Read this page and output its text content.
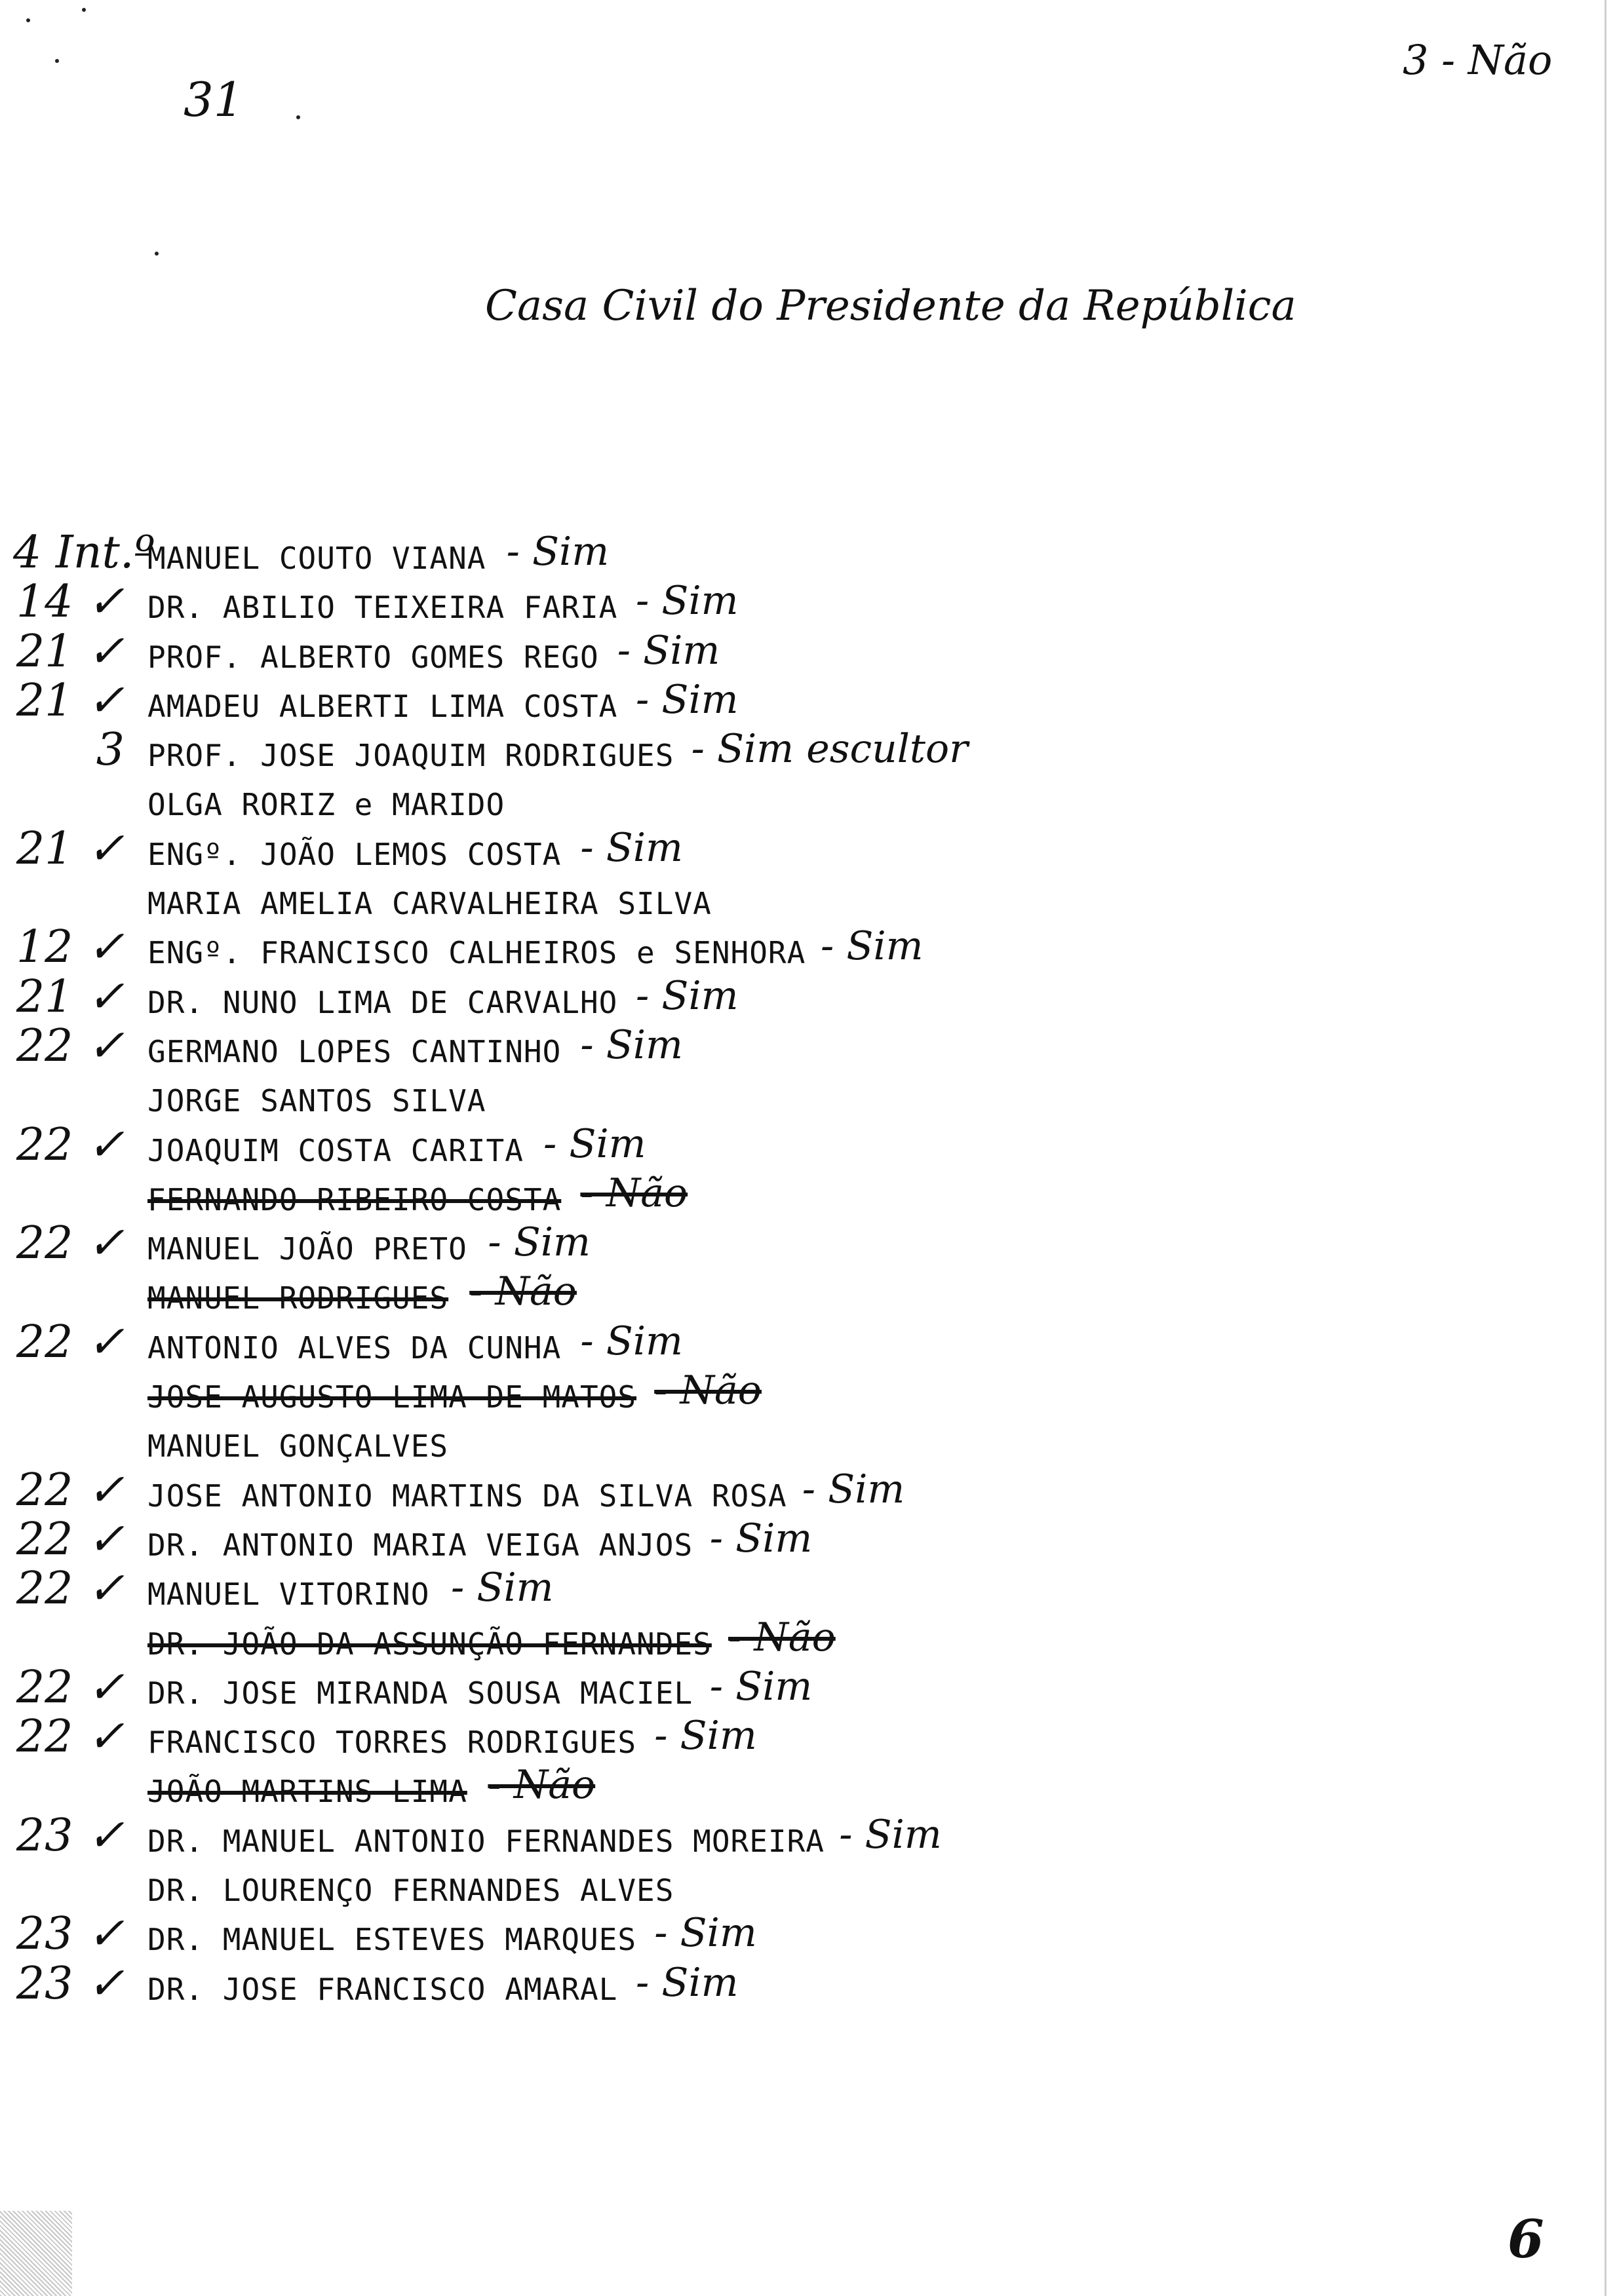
31
3 - Não
Casa Civil do Presidente da República
4 Int.º
MANUEL COUTO VIANA - Sim
14 ✓ DR. ABILIO TEIXEIRA FARIA - Sim
21 ✓ PROF. ALBERTO GOMES REGO - Sim
21 ✓ AMADEU ALBERTI LIMA COSTA - Sim
3 PROF. JOSE JOAQUIM RODRIGUES - Sim escultor
OLGA RORIZ e MARIDO
21 ✓ ENGº. JOÃO LEMOS COSTA - Sim
MARIA AMELIA CARVALHEIRA SILVA
12 ✓ ENGº. FRANCISCO CALHEIROS e SENHORA - Sim
21 ✓ DR. NUNO LIMA DE CARVALHO - Sim
22 ✓ GERMANO LOPES CANTINHO - Sim
JORGE SANTOS SILVA
22 ✓ JOAQUIM COSTA CARITA - Sim
FERNANDO RIBEIRO COSTA - Não
22 ✓ MANUEL JOÃO PRETO - Sim
MANUEL RODRIGUES - Não
22 ✓ ANTONIO ALVES DA CUNHA - Sim
JOSE AUGUSTO LIMA DE MATOS - Não
MANUEL GONÇALVES
22 ✓ JOSE ANTONIO MARTINS DA SILVA ROSA - Sim
22 ✓ DR. ANTONIO MARIA VEIGA ANJOS - Sim
22 ✓ MANUEL VITORINO - Sim
DR. JOÃO DA ASSUNÇÃO FERNANDES - Não
22 ✓ DR. JOSE MIRANDA SOUSA MACIEL - Sim
22 ✓ FRANCISCO TORRES RODRIGUES - Sim
JOÃO MARTINS LIMA - Não
23 ✓ DR. MANUEL ANTONIO FERNANDES MOREIRA - Sim
DR. LOURENÇO FERNANDES ALVES
23 ✓ DR. MANUEL ESTEVES MARQUES - Sim
23 ✓ DR. JOSE FRANCISCO AMARAL - Sim
6
